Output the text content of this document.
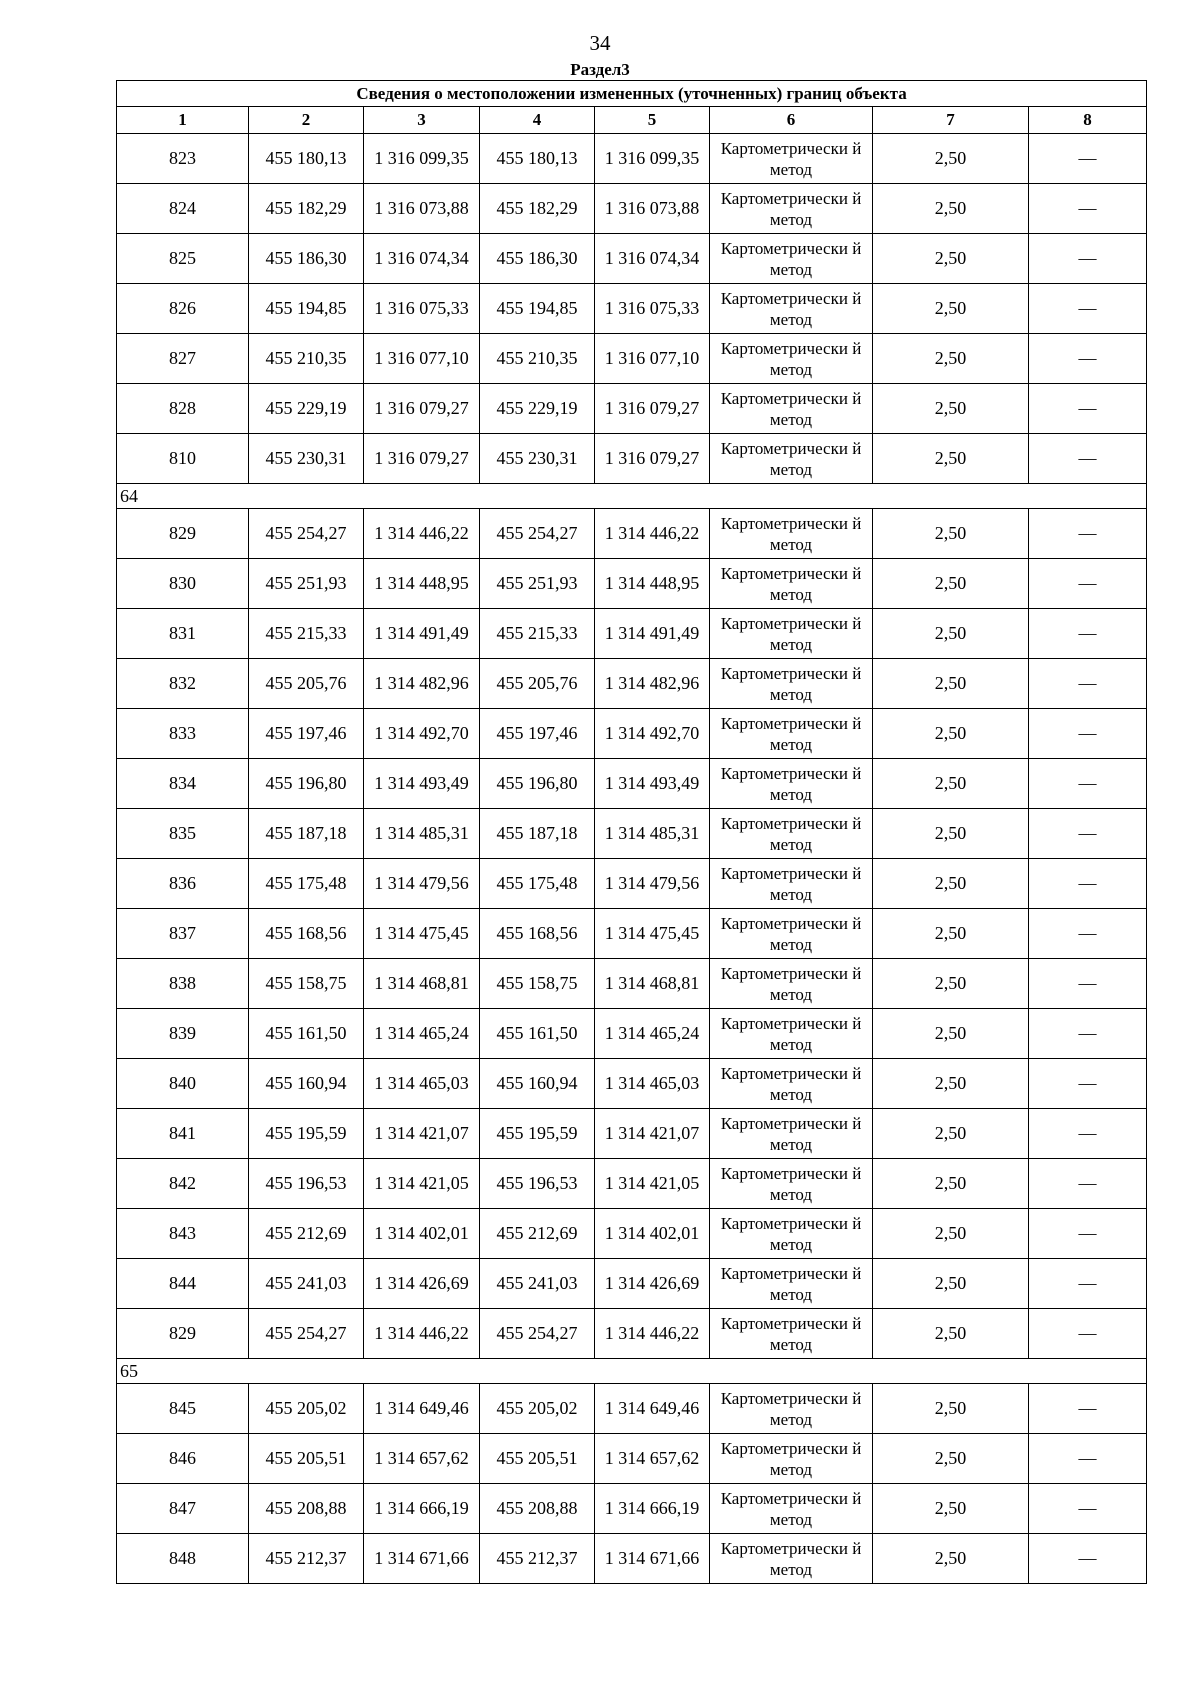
34
Раздел3
Сведения о местоположении измененных (уточненных) границ объекта							
1	2	3	4	5	6	7	8
823	455 180,13	1 316 099,35	455 180,13	1 316 099,35	Картометрически й метод	2,50	—
824	455 182,29	1 316 073,88	455 182,29	1 316 073,88	Картометрически й метод	2,50	—
825	455 186,30	1 316 074,34	455 186,30	1 316 074,34	Картометрически й метод	2,50	—
826	455 194,85	1 316 075,33	455 194,85	1 316 075,33	Картометрически й метод	2,50	—
827	455 210,35	1 316 077,10	455 210,35	1 316 077,10	Картометрически й метод	2,50	—
828	455 229,19	1 316 079,27	455 229,19	1 316 079,27	Картометрически й метод	2,50	—
810	455 230,31	1 316 079,27	455 230,31	1 316 079,27	Картометрически й метод	2,50	—
64							
829	455 254,27	1 314 446,22	455 254,27	1 314 446,22	Картометрически й метод	2,50	—
830	455 251,93	1 314 448,95	455 251,93	1 314 448,95	Картометрически й метод	2,50	—
831	455 215,33	1 314 491,49	455 215,33	1 314 491,49	Картометрически й метод	2,50	—
832	455 205,76	1 314 482,96	455 205,76	1 314 482,96	Картометрически й метод	2,50	—
833	455 197,46	1 314 492,70	455 197,46	1 314 492,70	Картометрически й метод	2,50	—
834	455 196,80	1 314 493,49	455 196,80	1 314 493,49	Картометрически й метод	2,50	—
835	455 187,18	1 314 485,31	455 187,18	1 314 485,31	Картометрически й метод	2,50	—
836	455 175,48	1 314 479,56	455 175,48	1 314 479,56	Картометрически й метод	2,50	—
837	455 168,56	1 314 475,45	455 168,56	1 314 475,45	Картометрически й метод	2,50	—
838	455 158,75	1 314 468,81	455 158,75	1 314 468,81	Картометрически й метод	2,50	—
839	455 161,50	1 314 465,24	455 161,50	1 314 465,24	Картометрически й метод	2,50	—
840	455 160,94	1 314 465,03	455 160,94	1 314 465,03	Картометрически й метод	2,50	—
841	455 195,59	1 314 421,07	455 195,59	1 314 421,07	Картометрически й метод	2,50	—
842	455 196,53	1 314 421,05	455 196,53	1 314 421,05	Картометрически й метод	2,50	—
843	455 212,69	1 314 402,01	455 212,69	1 314 402,01	Картометрически й метод	2,50	—
844	455 241,03	1 314 426,69	455 241,03	1 314 426,69	Картометрически й метод	2,50	—
829	455 254,27	1 314 446,22	455 254,27	1 314 446,22	Картометрически й метод	2,50	—
65							
845	455 205,02	1 314 649,46	455 205,02	1 314 649,46	Картометрически й метод	2,50	—
846	455 205,51	1 314 657,62	455 205,51	1 314 657,62	Картометрически й метод	2,50	—
847	455 208,88	1 314 666,19	455 208,88	1 314 666,19	Картометрически й метод	2,50	—
848	455 212,37	1 314 671,66	455 212,37	1 314 671,66	Картометрически й метод	2,50	—
